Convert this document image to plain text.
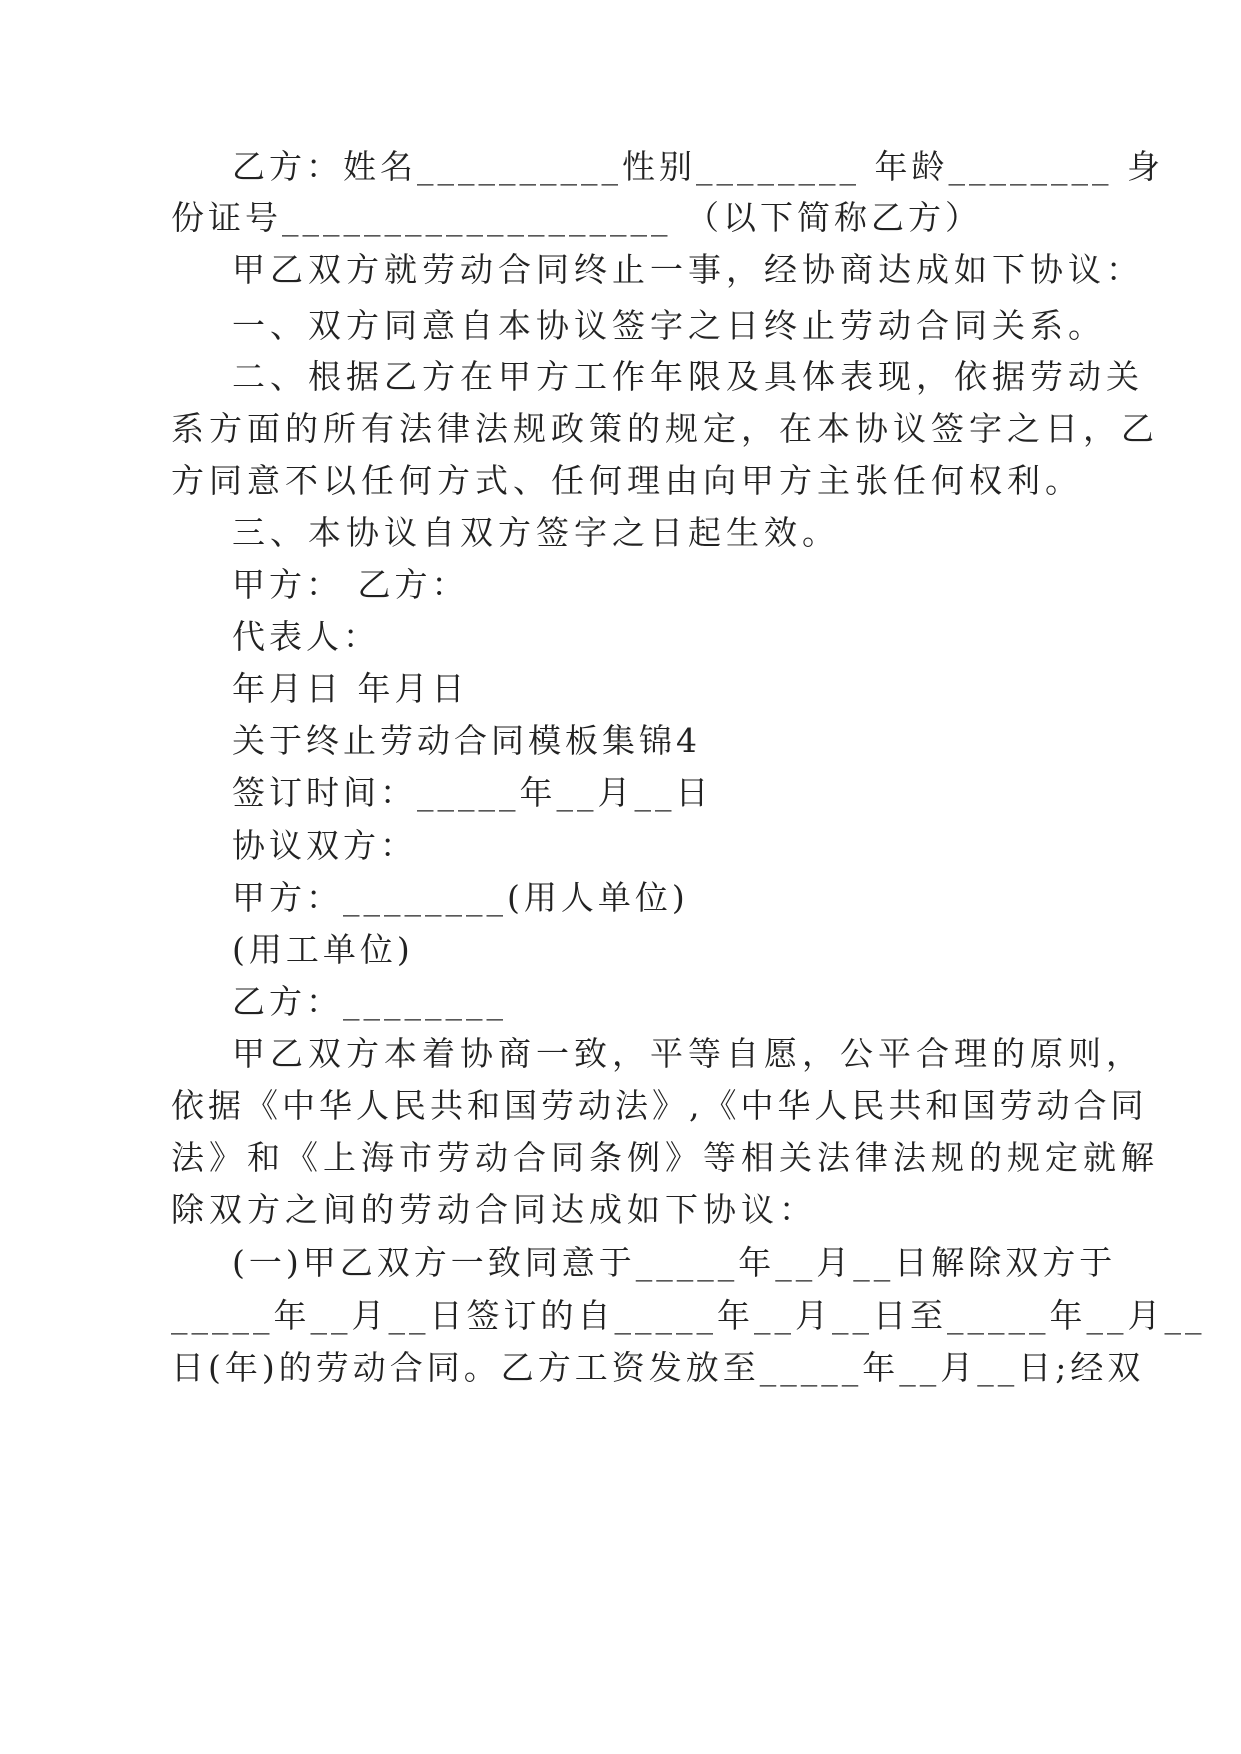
乙方：姓名__________性别________ 年龄________ 身
份证号___________________ （以下简称乙方）
甲乙双方就劳动合同终止一事，经协商达成如下协议：
一、双方同意自本协议签字之日终止劳动合同关系。
二、根据乙方在甲方工作年限及具体表现，依据劳动关
系方面的所有法律法规政策的规定，在本协议签字之日，乙
方同意不以任何方式、任何理由向甲方主张任何权利。
三、本协议自双方签字之日起生效。
甲方： 乙方：
代表人：
年月日 年月日
关于终止劳动合同模板集锦4
签订时间：_____年__月__日
协议双方：
甲方：________(用人单位)
(用工单位)
乙方：________
甲乙双方本着协商一致，平等自愿，公平合理的原则，
依据《中华人民共和国劳动法》,《中华人民共和国劳动合同
法》和《上海市劳动合同条例》等相关法律法规的规定就解
除双方之间的劳动合同达成如下协议：
(一)甲乙双方一致同意于_____年__月__日解除双方于
_____年__月__日签订的自_____年__月__日至_____年__月__
日(年)的劳动合同。乙方工资发放至_____年__月__日;经双
